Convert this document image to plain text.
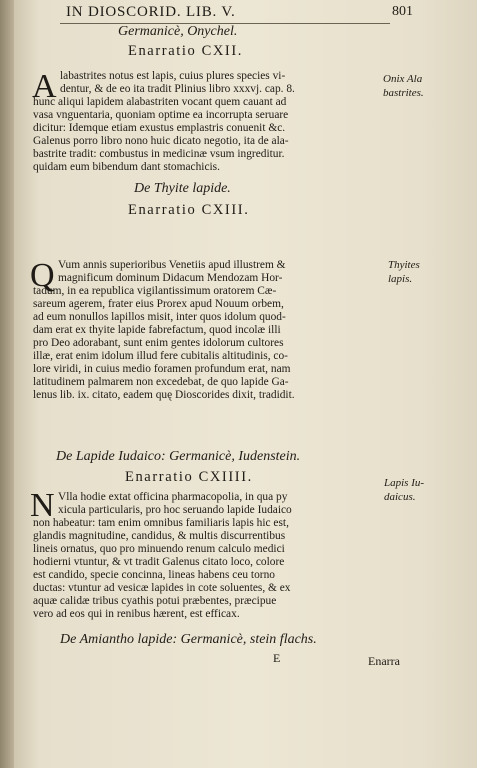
IN DIOSCORID. LIB. V.	801
Germanicè, Onychel.
Enarratio CXII.
A	Onix Ala
bastrites.
labastrites notus est lapis, cuius plures species vi-
dentur, & de eo ita tradit Plinius libro xxxvj. cap. 8.
hunc aliqui lapidem alabastriten vocant quem cauant ad
vasa vnguentaria, quoniam optime ea incorrupta seruare
dicitur: Idemque etiam exustus emplastris conuenit &c.
Galenus porro libro nono huic dicato negotio, ita de ala-
bastrite tradit: combustus in medicinæ vsum ingreditur.
quidam eum bibendum dant stomachicis.
De Thyite lapide.
Enarratio CXIII.
Q	Thyites
lapis.
Vum annis superioribus Venetiis apud illustrem &
magnificum dominum Didacum Mendozam Hor-
tadum, in ea republica vigilantissimum oratorem Cæ-
sareum agerem, frater eius Prorex apud Nouum orbem,
ad eum nonullos lapillos misit, inter quos idolum quod-
dam erat ex thyite lapide fabrefactum, quod incolæ illi
pro Deo adorabant, sunt enim gentes idolorum cultores
illæ, erat enim idolum illud fere cubitalis altitudinis, co-
lore viridi, in cuius medio foramen profundum erat, nam
latitudinem palmarem non excedebat, de quo lapide Ga-
lenus lib. ix. citato, eadem quę Dioscorides dixit, tradidit.
De Lapide Iudaico: Germanicè, Iudenstein.
Enarratio CXIIII.
N
Lapis Iu-
daicus.
Vlla hodie extat officina pharmacopolia, in qua py
xicula particularis, pro hoc seruando lapide Iudaico
non habeatur: tam enim omnibus familiaris lapis hic est,
glandis magnitudine, candidus, & multis discurrentibus
lineis ornatus, quo pro minuendo renum calculo medici
hodierni vtuntur, & vt tradit Galenus citato loco, colore
est candido, specie concinna, lineas habens ceu torno
ductas: vtuntur ad vesicæ lapides in cote soluentes, & ex
aquæ calidæ tribus cyathis potui præbentes, præcipue
vero ad eos qui in renibus hærent, est efficax.
De Amiantho lapide: Germanicè, stein flachs.
E	Enarra
